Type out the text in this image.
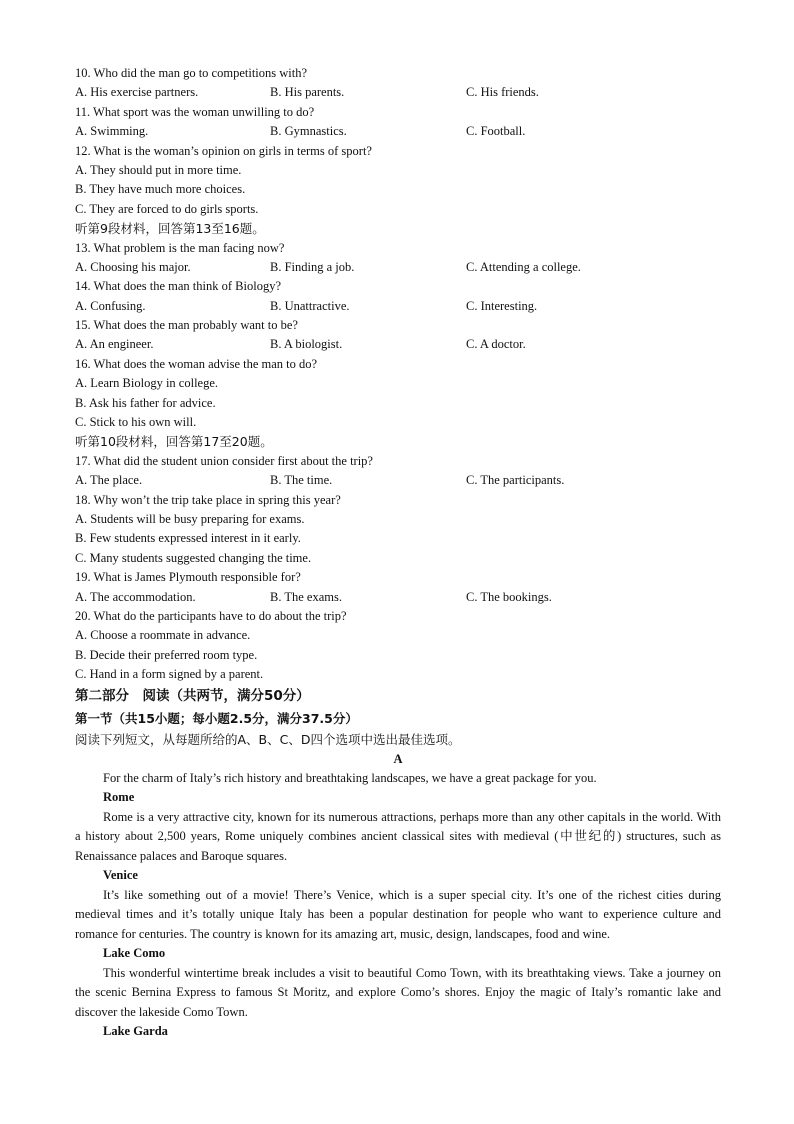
10. Who did the man go to competitions with?
A. His exercise partners.	B. His parents.	C. His friends.
11. What sport was the woman unwilling to do?
A. Swimming.	B. Gymnastics.	C. Football.
12. What is the woman’s opinion on girls in terms of sport?
A. They should put in more time.
B. They have much more choices.
C. They are forced to do girls sports.
听第9段材料，回答第13至16题。
13. What problem is the man facing now?
A. Choosing his major.	B. Finding a job.	C. Attending a college.
14. What does the man think of Biology?
A. Confusing.	B. Unattractive.	C. Interesting.
15. What does the man probably want to be?
A. An engineer.	B. A biologist.	C. A doctor.
16. What does the woman advise the man to do?
A. Learn Biology in college.
B. Ask his father for advice.
C. Stick to his own will.
听第10段材料，回答第17至20题。
17. What did the student union consider first about the trip?
A. The place.	B. The time.	C. The participants.
18. Why won’t the trip take place in spring this year?
A. Students will be busy preparing for exams.
B. Few students expressed interest in it early.
C. Many students suggested changing the time.
19. What is James Plymouth responsible for?
A. The accommodation.	B. The exams.	C. The bookings.
20. What do the participants have to do about the trip?
A. Choose a roommate in advance.
B. Decide their preferred room type.
C. Hand in a form signed by a parent.
第二部分　阅读（共两节，满分50分）
第一节（共15小题；每小题2.5分，满分37.5分）
阅读下列短文，从每题所给的A、B、C、D四个选项中选出最佳选项。
A
For the charm of Italy’s rich history and breathtaking landscapes, we have a great package for you.
Rome
Rome is a very attractive city, known for its numerous attractions, perhaps more than any other capitals in the world. With a history about 2,500 years, Rome uniquely combines ancient classical sites with medieval (中世纪的) structures, such as Renaissance palaces and Baroque squares.
Venice
It’s like something out of a movie! There’s Venice, which is a super special city. It’s one of the richest cities during medieval times and it’s totally unique Italy has been a popular destination for people who want to experience culture and romance for centuries. The country is known for its amazing art, music, design, landscapes, food and wine.
Lake Como
This wonderful wintertime break includes a visit to beautiful Como Town, with its breathtaking views. Take a journey on the scenic Bernina Express to famous St Moritz, and explore Como’s shores. Enjoy the magic of Italy’s romantic lake and discover the lakeside Como Town.
Lake Garda
